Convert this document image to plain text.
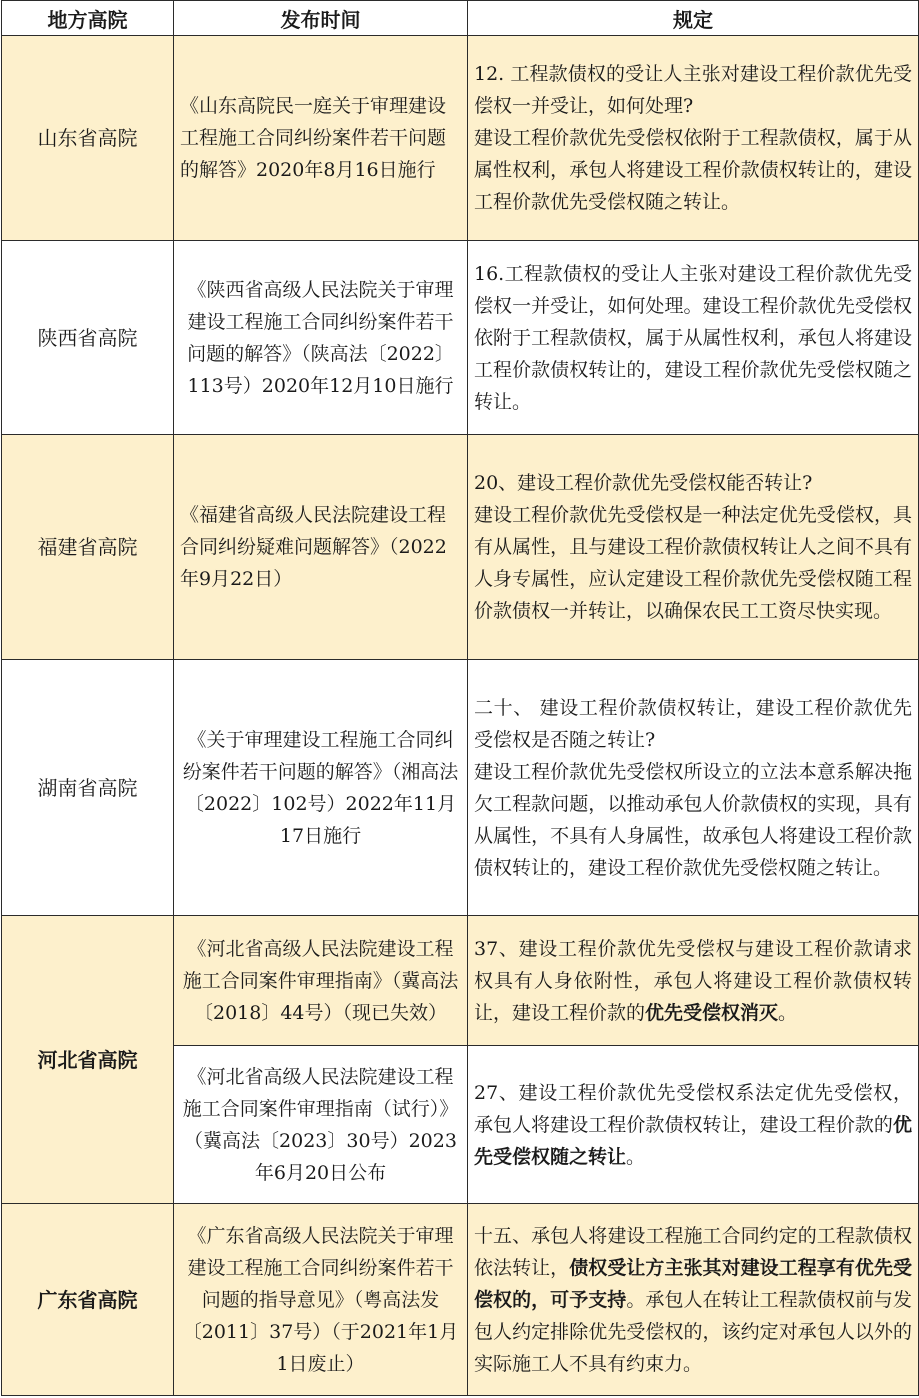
地方高院	发布时间	规定
山东省高院	《山东高院民一庭关于审理建设工程施工合同纠纷案件若干问题的解答》2020年8月16日施行	12. 工程款债权的受让人主张对建设工程价款优先受偿权一并受让，如何处理?
建设工程价款优先受偿权依附于工程款债权，属于从属性权利，承包人将建设工程价款债权转让的，建设工程价款优先受偿权随之转让。

陕西省高院	《陕西省高级人民法院关于审理建设工程施工合同纠纷案件若干问题的解答》（陕高法〔2022〕113号）2020年12月10日施行	16.工程款债权的受让人主张对建设工程价款优先受偿权一并受让，如何处理。建设工程价款优先受偿权依附于工程款债权，属于从属性权利，承包人将建设工程价款债权转让的，建设工程价款优先受偿权随之转让。
福建省高院	《福建省高级人民法院建设工程合同纠纷疑难问题解答》（2022年9月22日）	20、建设工程价款优先受偿权能否转让?
建设工程价款优先受偿权是一种法定优先受偿权，具有从属性，且与建设工程价款债权转让人之间不具有人身专属性，应认定建设工程价款优先受偿权随工程价款债权一并转让，以确保农民工工资尽快实现。

湖南省高院	《关于审理建设工程施工合同纠纷案件若干问题的解答》（湘高法〔2022〕102号）2022年11月17日施行	二十、 建设工程价款债权转让，建设工程价款优先受偿权是否随之转让?
建设工程价款优先受偿权所设立的立法本意系解决拖欠工程款问题，以推动承包人价款债权的实现，具有从属性，不具有人身属性，故承包人将建设工程价款债权转让的，建设工程价款优先受偿权随之转让。

河北省高院	《河北省高级人民法院建设工程施工合同案件审理指南》（冀高法〔2018〕44号）（现已失效）	37、建设工程价款优先受偿权与建设工程价款请求权具有人身依附性，承包人将建设工程价款债权转让，建设工程价款的优先受偿权消灭。
	《河北省高级人民法院建设工程施工合同案件审理指南（试行）》（冀高法〔2023〕30号）2023年6月20日公布	27、建设工程价款优先受偿权系法定优先受偿权，承包人将建设工程价款债权转让，建设工程价款的优先受偿权随之转让。
广东省高院	《广东省高级人民法院关于审理建设工程施工合同纠纷案件若干问题的指导意见》（粤高法发〔2011〕37号）（于2021年1月1日废止）	十五、承包人将建设工程施工合同约定的工程款债权依法转让，债权受让方主张其对建设工程享有优先受偿权的，可予支持。承包人在转让工程款债权前与发包人约定排除优先受偿权的，该约定对承包人以外的实际施工人不具有约束力。
